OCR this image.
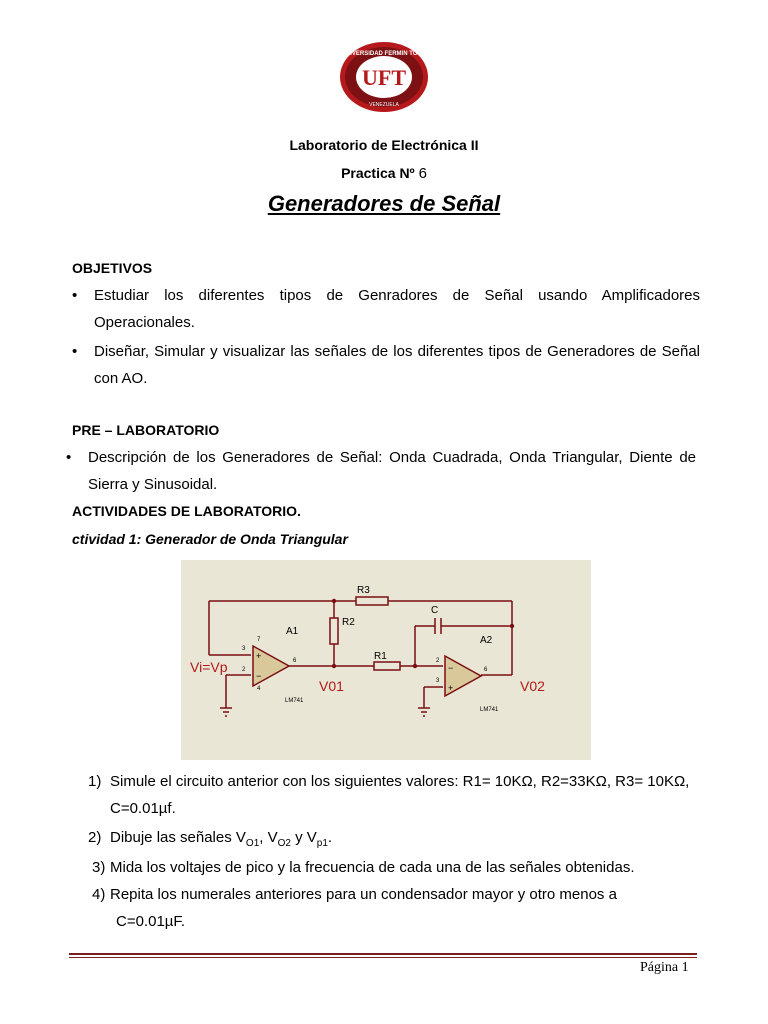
UNIVERSIDAD FERMIN TORO
VENEZUELA
UFT
Laboratorio de Electrónica II
Practica Nº 6
Generadores de Señal
OBJETIVOS
• Estudiar los diferentes tipos de Genradores de Señal usando Amplificadores
Operacionales.
• Diseñar, Simular y visualizar las señales de los diferentes tipos de Generadores de Señal
con AO.
PRE – LABORATORIO
• Descripción de los Generadores de Señal: Onda Cuadrada, Onda Triangular, Diente de
Sierra y Sinusoidal.
ACTIVIDADES DE LABORATORIO.
ctividad 1: Generador de Onda Triangular
+
−
−
+
R3
R2
R1
C
A1
A2
Vi=Vp
V01	V02
LM741
LM741
3
2
6	2
3
6
7
4
1) Simule el circuito anterior con los siguientes valores: R1= 10KΩ, R2=33KΩ, R3= 10KΩ,
C=0.01µf.
2) Dibuje las señales $V_{O1}$, $V_{O2}$ y $V_{p1}$.
3) Mida los voltajes de pico y la frecuencia de cada una de las señales obtenidas.
4) Repita los numerales anteriores para un condensador mayor y otro menos a
C=0.01µF.
Página 1
